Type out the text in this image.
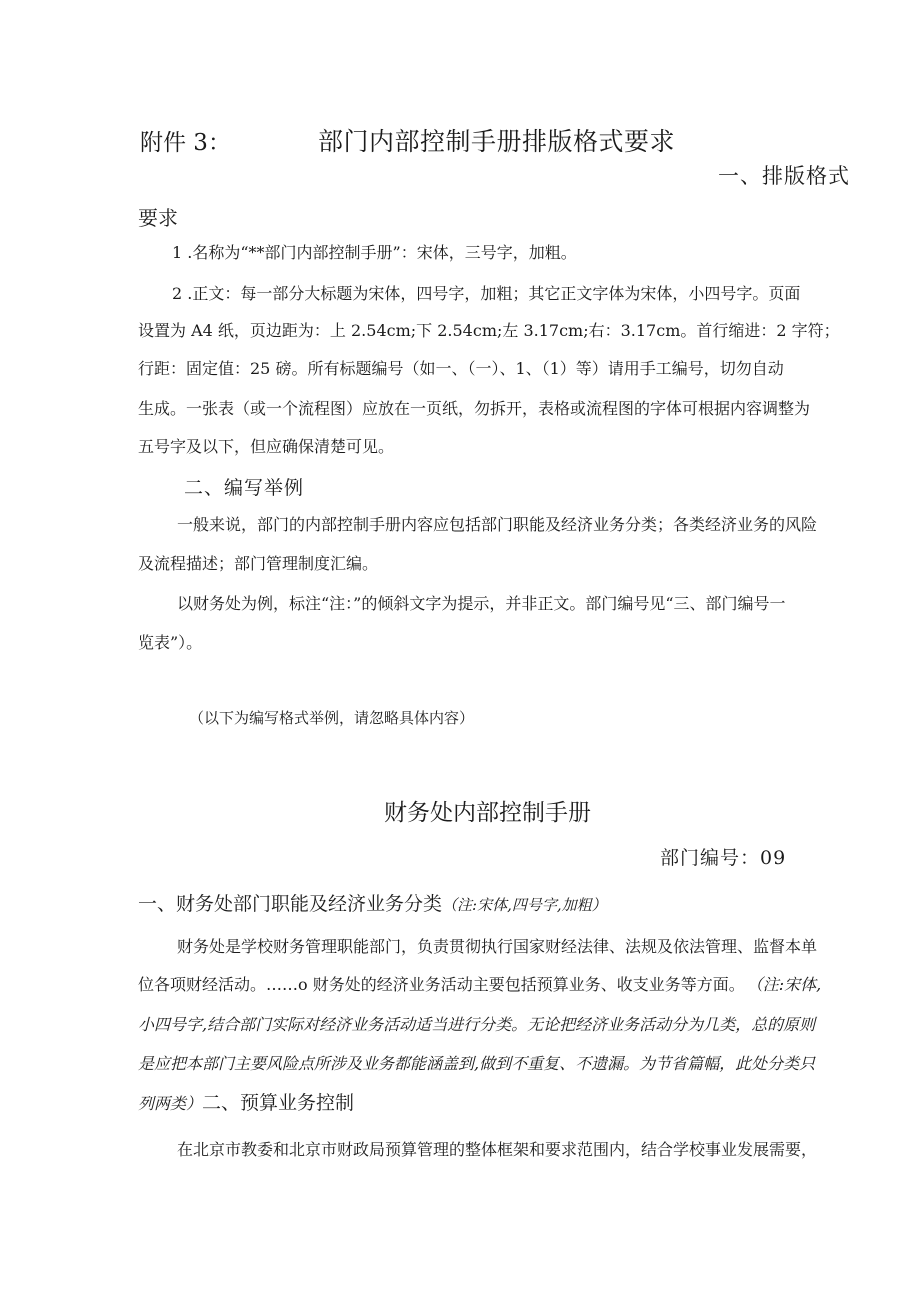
附件 3：	部门内部控制手册排版格式要求
一、排版格式
要求
1 .名称为“**部门内部控制手册”：宋体，三号字，加粗。
2 .正文：每一部分大标题为宋体，四号字，加粗；其它正文字体为宋体，小四号字。页面
设置为 A4 纸，页边距为：上 2.54cm;下 2.54cm;左 3.17cm;右：3.17cm。首行缩进：2 字符；
行距：固定值：25 磅。所有标题编号（如一、（一）、1、（1）等）请用手工编号，切勿自动
生成。一张表（或一个流程图）应放在一页纸，勿拆开，表格或流程图的字体可根据内容调整为
五号字及以下，但应确保清楚可见。
二、编写举例
一般来说，部门的内部控制手册内容应包括部门职能及经济业务分类；各类经济业务的风险
及流程描述；部门管理制度汇编。
以财务处为例，标注“注：”的倾斜文字为提示，并非正文。部门编号见“三、部门编号一
览表”）。
（以下为编写格式举例，请忽略具体内容）
财务处内部控制手册
部门编号：09
一、财务处部门职能及经济业务分类（注:宋体,四号字,加粗）
财务处是学校财务管理职能部门，负责贯彻执行国家财经法律、法规及依法管理、监督本单
位各项财经活动。……o 财务处的经济业务活动主要包括预算业务、收支业务等方面。 （注:宋体,
小四号字,结合部门实际对经济业务活动适当进行分类。无论把经济业务活动分为几类，总的原则
是应把本部门主要风险点所涉及业务都能涵盖到,做到不重复、不遗漏。为节省篇幅，此处分类只
列两类）二、预算业务控制
在北京市教委和北京市财政局预算管理的整体框架和要求范围内，结合学校事业发展需要，
